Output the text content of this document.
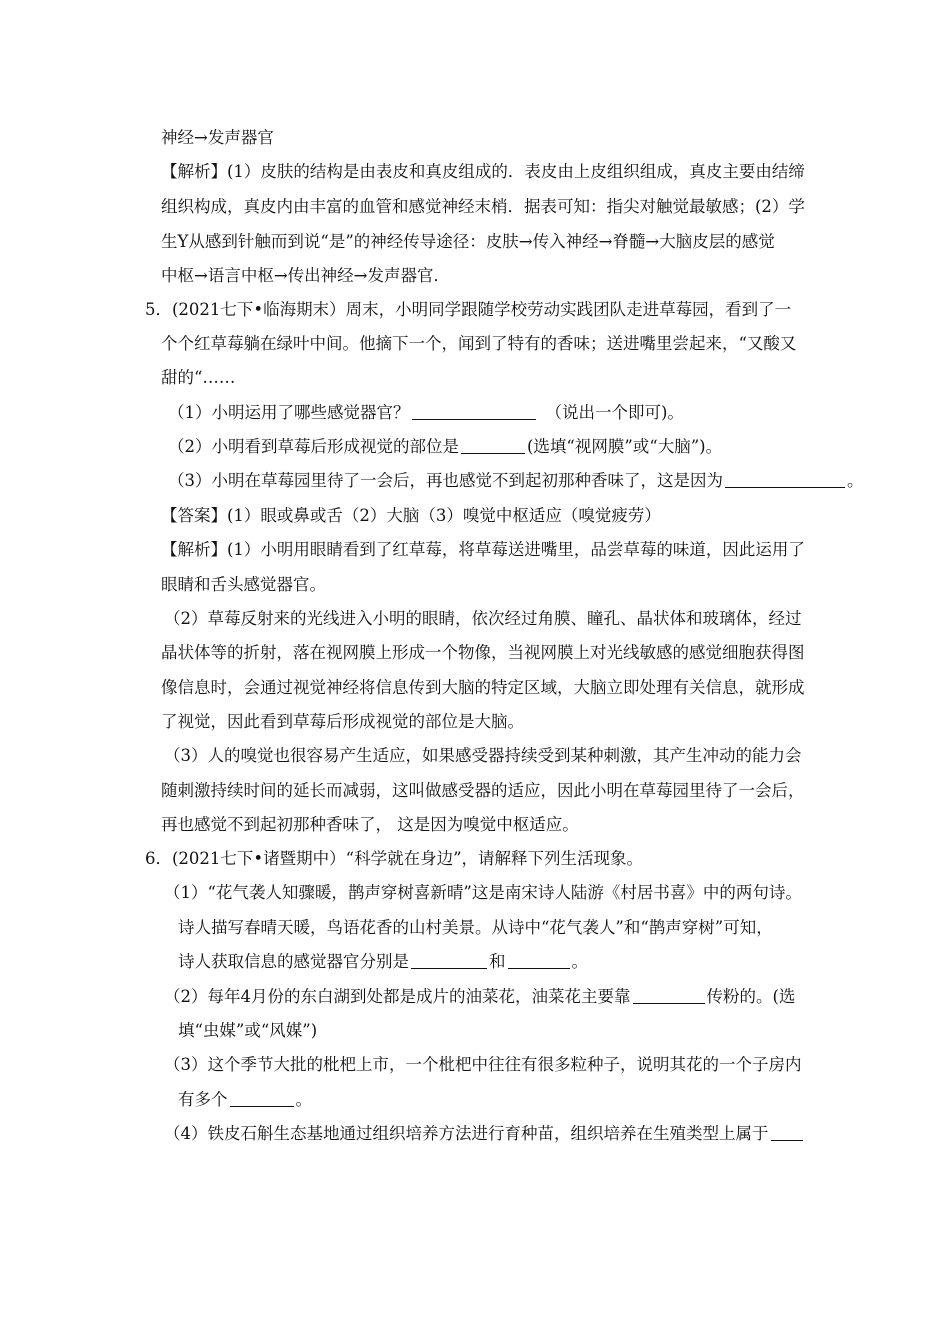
神经→发声器官
【解析】(1）皮肤的结构是由表皮和真皮组成的．表皮由上皮组织组成，真皮主要由结缔
组织构成，真皮内由丰富的血管和感觉神经末梢．据表可知：指尖对触觉最敏感；(2）学
生Y从感到针触而到说“是”的神经传导途径：皮肤→传入神经→脊髓→大脑皮层的感觉
中枢→语言中枢→传出神经→发声器官．
5．(2021七下•临海期末）周末，小明同学跟随学校劳动实践团队走进草莓园，看到了一
个个红草莓躺在绿叶中间。他摘下一个，闻到了特有的香味；送进嘴里尝起来，“又酸又
甜的“……
（1）小明运用了哪些感觉器官？	（说出一个即可)。
（2）小明看到草莓后形成视觉的部位是	(选填“视网膜”或“大脑”)。
（3）小明在草莓园里待了一会后，再也感觉不到起初那种香味了，这是因为	。
【答案】(1）眼或鼻或舌（2）大脑（3）嗅觉中枢适应（嗅觉疲劳）
【解析】(1）小明用眼睛看到了红草莓，将草莓送进嘴里，品尝草莓的味道，因此运用了
眼睛和舌头感觉器官。
（2）草莓反射来的光线进入小明的眼睛，依次经过角膜、瞳孔、晶状体和玻璃体，经过
晶状体等的折射，落在视网膜上形成一个物像，当视网膜上对光线敏感的感觉细胞获得图
像信息时，会通过视觉神经将信息传到大脑的特定区域，大脑立即处理有关信息，就形成
了视觉，因此看到草莓后形成视觉的部位是大脑。
（3）人的嗅觉也很容易产生适应，如果感受器持续受到某种刺激，其产生冲动的能力会
随刺激持续时间的延长而减弱，这叫做感受器的适应，因此小明在草莓园里待了一会后，
再也感觉不到起初那种香味了， 这是因为嗅觉中枢适应。
6．(2021七下•诸暨期中）“科学就在身边”，请解释下列生活现象。
（1）“花气袭人知骤暖，鹊声穿树喜新晴”这是南宋诗人陆游《村居书喜》中的两句诗。
诗人描写春晴天暖，鸟语花香的山村美景。从诗中“花气袭人”和“鹊声穿树”可知，
诗人获取信息的感觉器官分别是	和	。
（2）每年4月份的东白湖到处都是成片的油菜花，油菜花主要靠	传粉的。(选
填“虫媒”或“风媒”)
（3）这个季节大批的枇杷上市，一个枇杷中往往有很多粒种子，说明其花的一个子房内
有多个	。
（4）铁皮石斛生态基地通过组织培养方法进行育种苗，组织培养在生殖类型上属于
